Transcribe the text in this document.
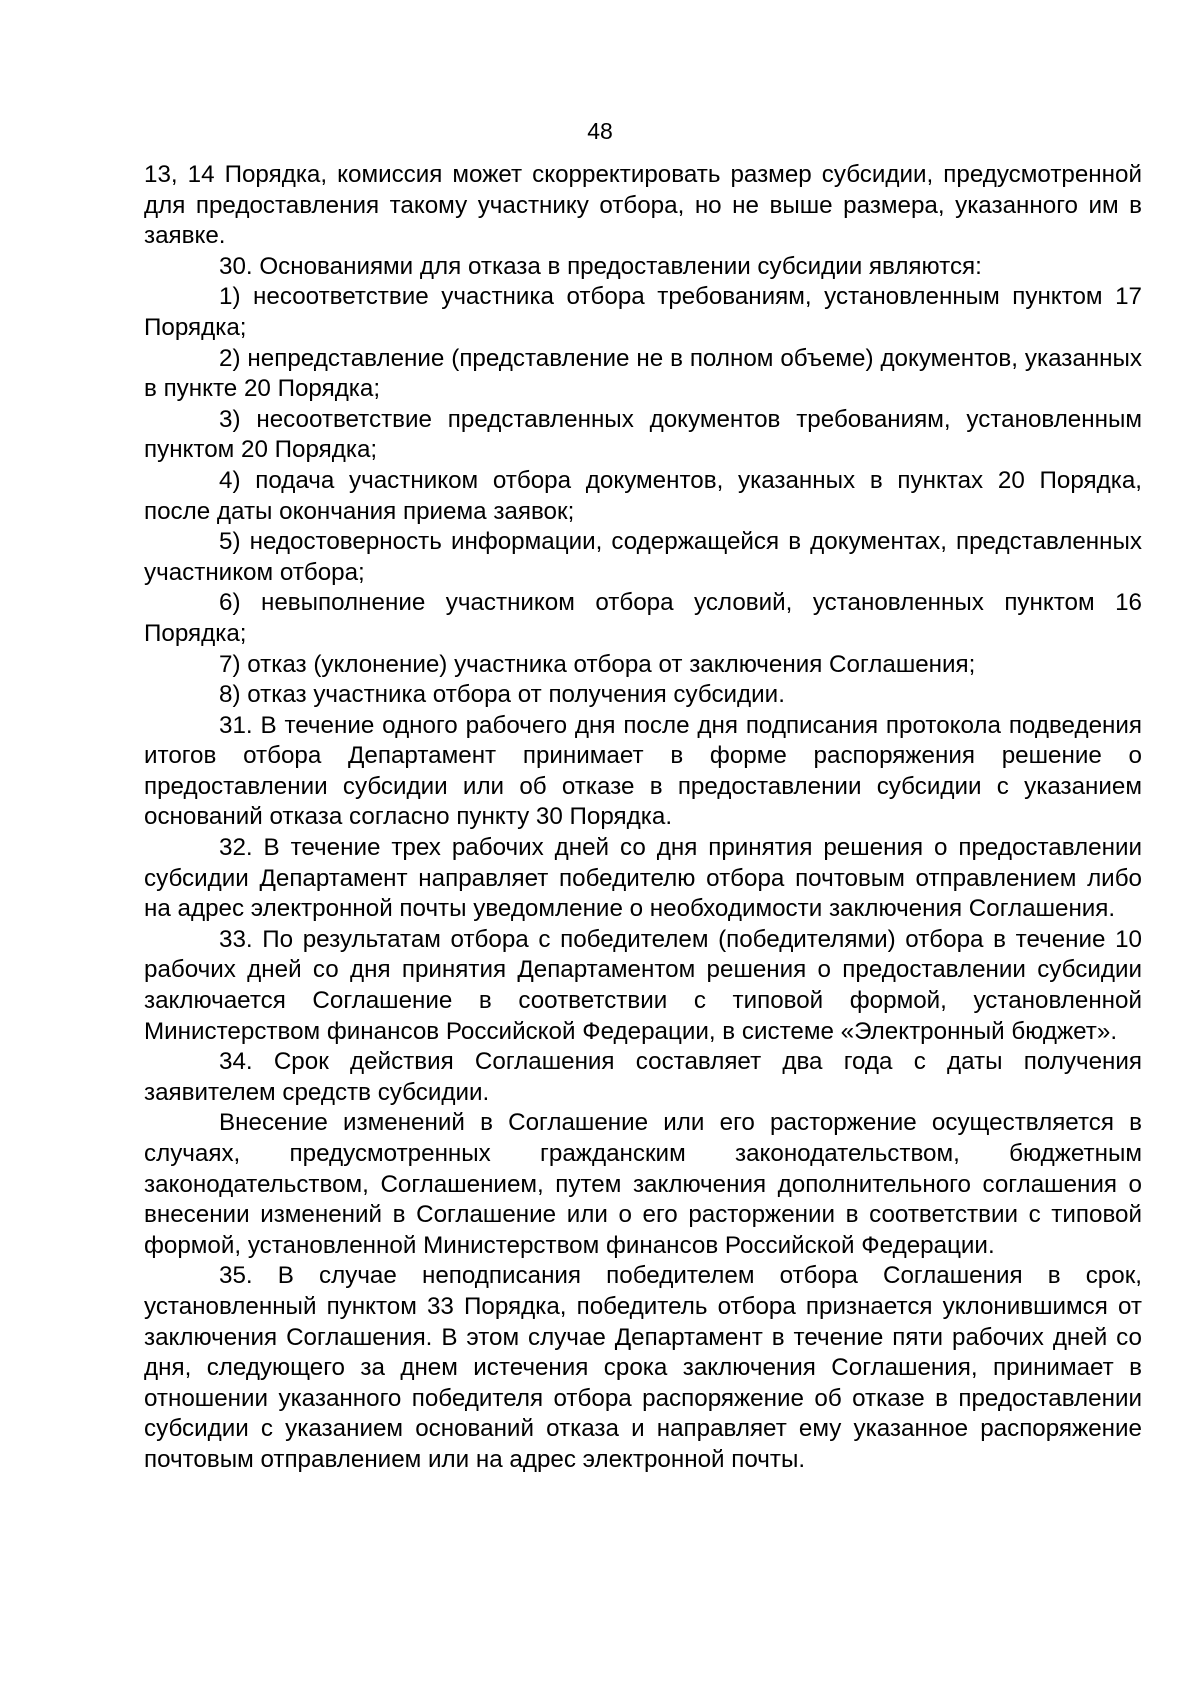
48

13, 14 Порядка, комиссия может скорректировать размер субсидии, предусмотренной для предоставления такому участнику отбора, но не выше размера, указанного им в заявке.

30. Основаниями для отказа в предоставлении субсидии являются:

1) несоответствие участника отбора требованиям, установленным пунктом 17 Порядка;

2) непредставление (представление не в полном объеме) документов, указанных в пункте 20 Порядка;

3) несоответствие представленных документов требованиям, установленным пунктом 20 Порядка;

4) подача участником отбора документов, указанных в пунктах 20 Порядка, после даты окончания приема заявок;

5) недостоверность информации, содержащейся в документах, представленных участником отбора;

6) невыполнение участником отбора условий, установленных пунктом 16 Порядка;

7) отказ (уклонение) участника отбора от заключения Соглашения;

8) отказ участника отбора от получения субсидии.

31. В течение одного рабочего дня после дня подписания протокола подведения итогов отбора Департамент принимает в форме распоряжения решение о предоставлении субсидии или об отказе в предоставлении субсидии с указанием оснований отказа согласно пункту 30 Порядка.

32. В течение трех рабочих дней со дня принятия решения о предоставлении субсидии Департамент направляет победителю отбора почтовым отправлением либо на адрес электронной почты уведомление о необходимости заключения Соглашения.

33. По результатам отбора с победителем (победителями) отбора в течение 10 рабочих дней со дня принятия Департаментом решения о предоставлении субсидии заключается Соглашение в соответствии с типовой формой, установленной Министерством финансов Российской Федерации, в системе «Электронный бюджет».

34. Срок действия Соглашения составляет два года с даты получения заявителем средств субсидии.

Внесение изменений в Соглашение или его расторжение осуществляется в случаях, предусмотренных гражданским законодательством, бюджетным законодательством, Соглашением, путем заключения дополнительного соглашения о внесении изменений в Соглашение или о его расторжении в соответствии с типовой формой, установленной Министерством финансов Российской Федерации.

35. В случае неподписания победителем отбора Соглашения в срок, установленный пунктом 33 Порядка, победитель отбора признается уклонившимся от заключения Соглашения. В этом случае Департамент в течение пяти рабочих дней со дня, следующего за днем истечения срока заключения Соглашения, принимает в отношении указанного победителя отбора распоряжение об отказе в предоставлении субсидии с указанием оснований отказа и направляет ему указанное распоряжение почтовым отправлением или на адрес электронной почты.
